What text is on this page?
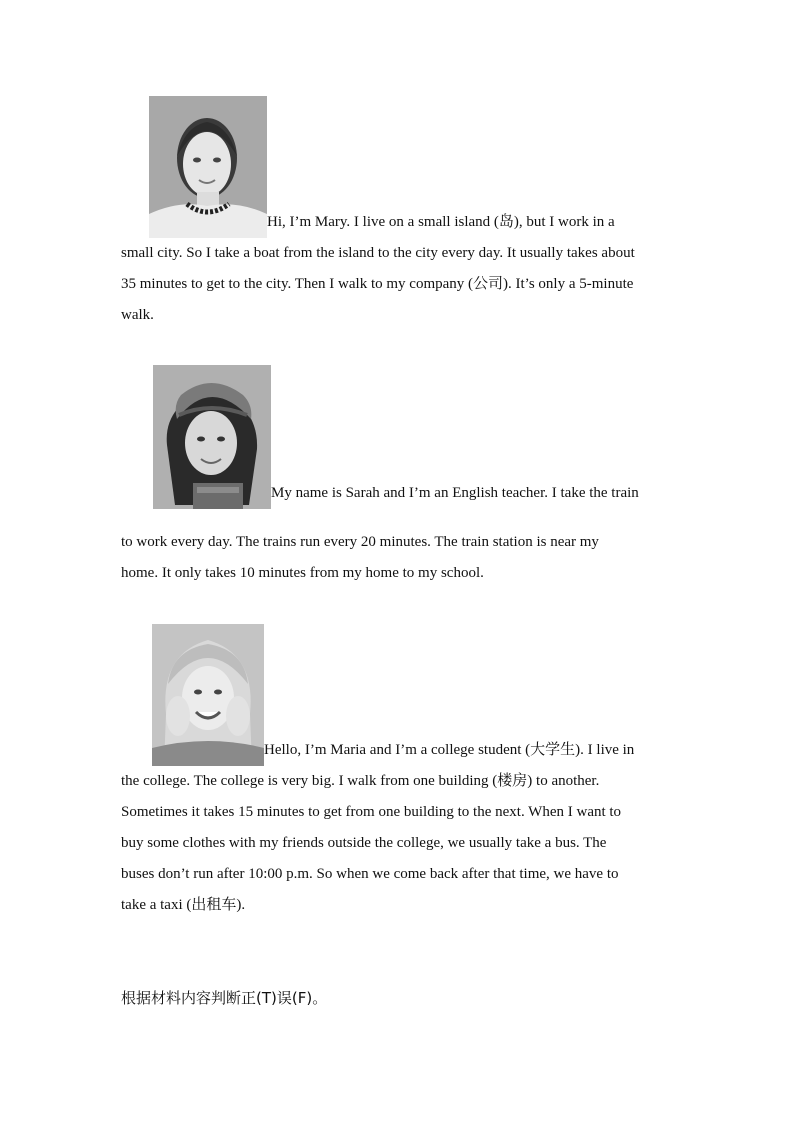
Hi, I’m Mary. I live on a small island (岛), but I work in a
small city. So I take a boat from the island to the city every day. It usually takes about
35 minutes to get to the city. Then I walk to my company (公司). It’s only a 5-minute
walk.
My name is Sarah and I’m an English teacher. I take the train
to work every day. The trains run every 20 minutes. The train station is near my
home. It only takes 10 minutes from my home to my school.
Hello, I’m Maria and I’m a college student (大学生). I live in
the college. The college is very big. I walk from one building (楼房) to another.
Sometimes it takes 15 minutes to get from one building to the next. When I want to
buy some clothes with my friends outside the college, we usually take a bus. The
buses don’t run after 10:00 p.m. So when we come back after that time, we have to
take a taxi (出租车).
根据材料内容判断正(T)误(F)。
